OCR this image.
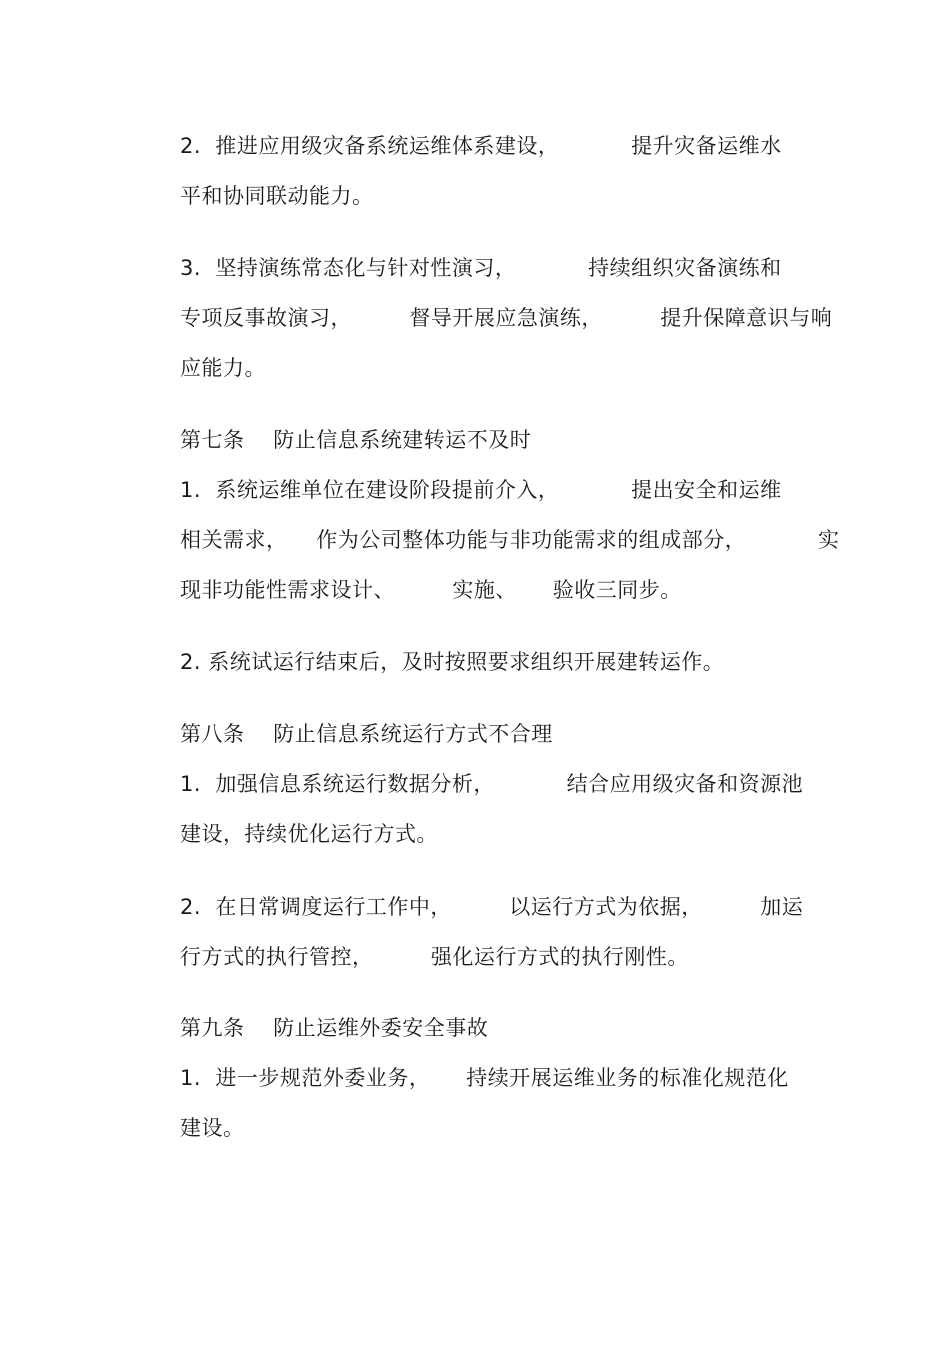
2.  推进应用级灾备系统运维体系建设，          提升灾备运维水
平和协同联动能力。
3.  坚持演练常态化与针对性演习，          持续组织灾备演练和
专项反事故演习，        督导开展应急演练，        提升保障意识与响
应能力。
第七条    防止信息系统建转运不及时
1.  系统运维单位在建设阶段提前介入，          提出安全和运维
相关需求，    作为公司整体功能与非功能需求的组成部分，          实
现非功能性需求设计、        实施、     验收三同步。
2. 系统试运行结束后，及时按照要求组织开展建转运作。
第八条    防止信息系统运行方式不合理
1.  加强信息系统运行数据分析，          结合应用级灾备和资源池
建设，持续优化运行方式。
2.  在日常调度运行工作中，        以运行方式为依据，        加运
行方式的执行管控，        强化运行方式的执行刚性。
第九条    防止运维外委安全事故
1.  进一步规范外委业务，     持续开展运维业务的标准化规范化
建设。
